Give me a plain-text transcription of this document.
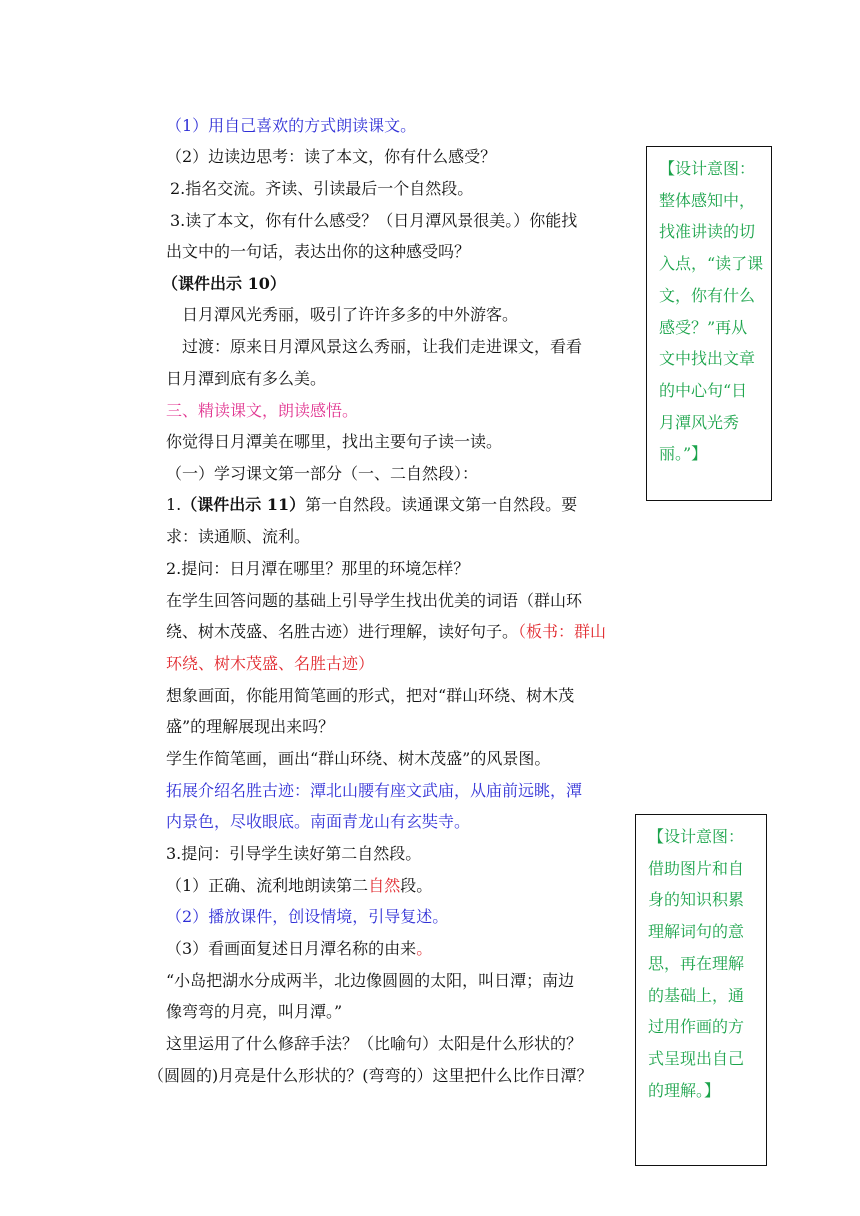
（1）用自己喜欢的方式朗读课文。
（2）边读边思考：读了本文，你有什么感受？
2.指名交流。齐读、引读最后一个自然段。
3.读了本文，你有什么感受？（日月潭风景很美。）你能找
出文中的一句话，表达出你的这种感受吗？
（课件出示 10）
日月潭风光秀丽，吸引了许许多多的中外游客。
过渡：原来日月潭风景这么秀丽，让我们走进课文，看看
日月潭到底有多么美。
三、精读课文，朗读感悟。
你觉得日月潭美在哪里，找出主要句子读一读。
（一）学习课文第一部分（一、二自然段）：
1.（课件出示 11）第一自然段。读通课文第一自然段。要
求：读通顺、流利。
2.提问：日月潭在哪里？那里的环境怎样？
在学生回答问题的基础上引导学生找出优美的词语（群山环
绕、树木茂盛、名胜古迹）进行理解，读好句子。（板书：群山
环绕、树木茂盛、名胜古迹）
想象画面，你能用简笔画的形式，把对“群山环绕、树木茂
盛”的理解展现出来吗？
学生作简笔画，画出“群山环绕、树木茂盛”的风景图。
拓展介绍名胜古迹：潭北山腰有座文武庙，从庙前远眺，潭
内景色，尽收眼底。南面青龙山有玄奘寺。
3.提问：引导学生读好第二自然段。
（1）正确、流利地朗读第二自然段。
（2）播放课件，创设情境，引导复述。
（3）看画面复述日月潭名称的由来。
“小岛把湖水分成两半，北边像圆圆的太阳，叫日潭；南边
像弯弯的月亮，叫月潭。”
这里运用了什么修辞手法？（比喻句）太阳是什么形状的？
（圆圆的)月亮是什么形状的？(弯弯的）这里把什么比作日潭？
【设计意图：
整体感知中，
找准讲读的切
入点，“读了课
文，你有什么
感受？”再从
文中找出文章
的中心句“日
月潭风光秀
丽。”】
【设计意图：
借助图片和自
身的知识积累
理解词句的意
思，再在理解
的基础上，通
过用作画的方
式呈现出自己
的理解。】
